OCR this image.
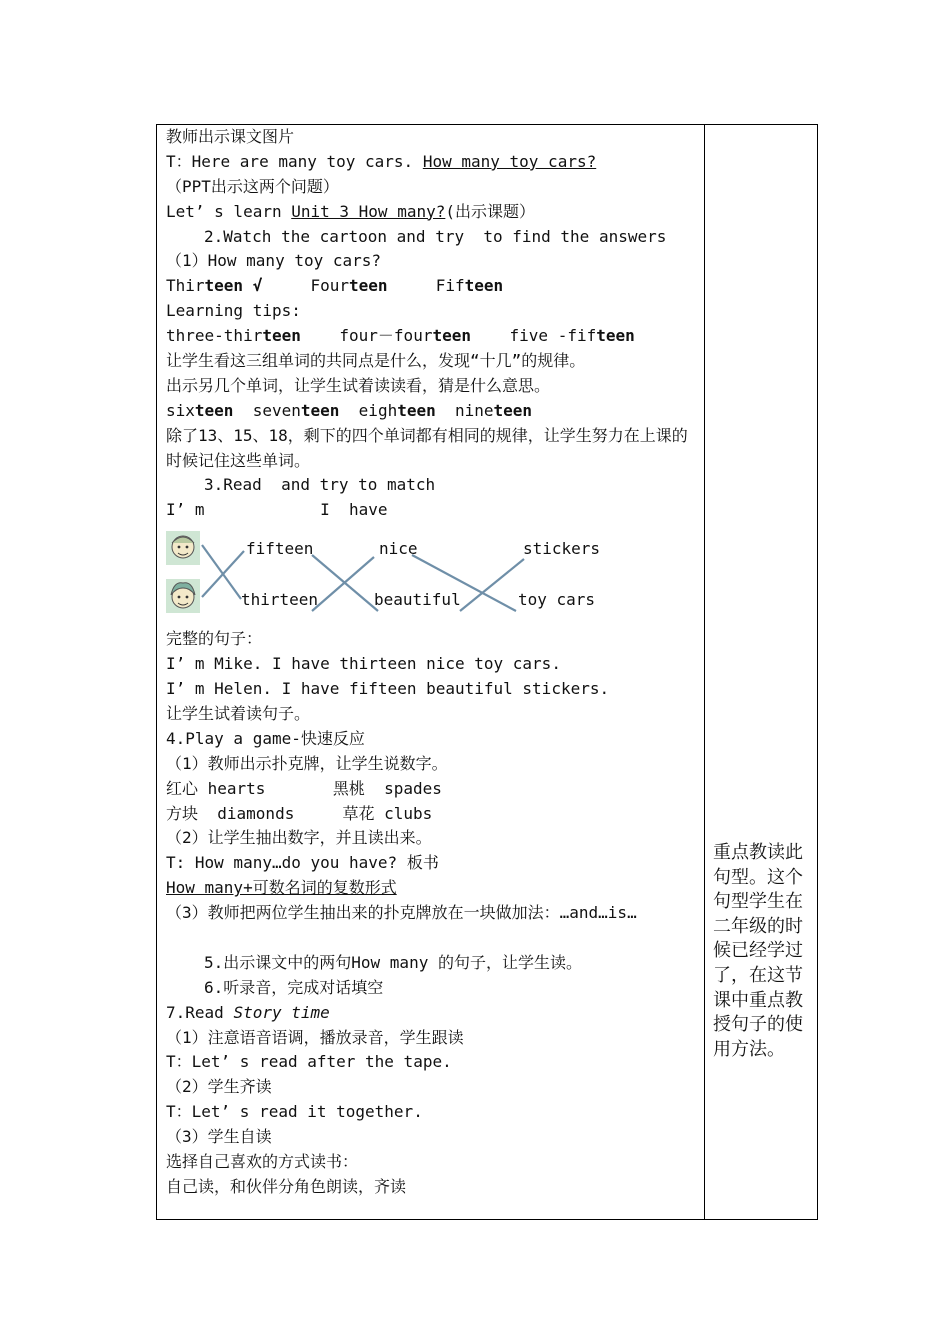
教师出示课文图片
T：Here are many toy cars. How many toy cars?
（PPT出示这两个问题）
Let’ s learn Unit 3 How many?(出示课题）
2.Watch the cartoon and try  to find the answers
（1）How many toy cars?
Thirteen √     Fourteen     Fifteen
Learning tips:
three-thirteen    four－fourteen    five -fifteen
让学生看这三组单词的共同点是什么，发现“十几”的规律。
出示另几个单词，让学生试着读读看，猜是什么意思。
sixteen  seventeen  eighteen  nineteen
除了13、15、18，剩下的四个单词都有相同的规律，让学生努力在上课的时候记住这些单词。
3.Read  and try to match
I’ m            I  have
fifteen	nice	stickers
thirteen	beautiful	toy cars
完整的句子：
I’ m Mike. I have thirteen nice toy cars.
I’ m Helen. I have fifteen beautiful stickers.
让学生试着读句子。
4.Play a game-快速反应
（1）教师出示扑克牌，让学生说数字。
红心 hearts       黑桃  spades
方块  diamonds     草花 clubs
（2）让学生抽出数字，并且读出来。
T: How many…do you have? 板书
How many+可数名词的复数形式
（3）教师把两位学生抽出来的扑克牌放在一块做加法：…and…is…
5.出示课文中的两句How many 的句子，让学生读。
6.听录音，完成对话填空
7.Read Story time
（1）注意语音语调，播放录音，学生跟读
T：Let’ s read after the tape.
（2）学生齐读
T：Let’ s read it together.
（3）学生自读
选择自己喜欢的方式读书：
自己读，和伙伴分角色朗读，齐读
重点教读此句型。这个句型学生在二年级的时候已经学过了，在这节课中重点教授句子的使用方法。
